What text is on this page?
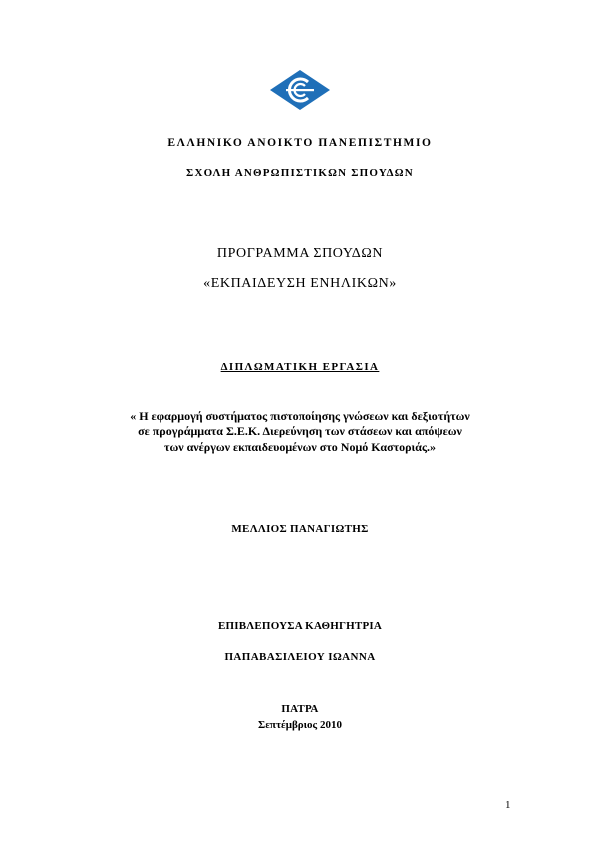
ΕΛΛΗΝΙΚΟ ΑΝΟΙΚΤΟ ΠΑΝΕΠΙΣΤΗΜΙΟ
ΣΧΟΛΗ ΑΝΘΡΩΠΙΣΤΙΚΩΝ ΣΠΟΥΔΩΝ
ΠΡΟΓΡΑΜΜΑ ΣΠΟΥΔΩΝ
«ΕΚΠΑΙΔΕΥΣΗ ΕΝΗΛΙΚΩΝ»
ΔΙΠΛΩΜΑΤΙΚΗ ΕΡΓΑΣΙΑ
« Η εφαρμογή συστήματος πιστοποίησης γνώσεων και δεξιοτήτων
σε προγράμματα Σ.Ε.Κ. Διερεύνηση των στάσεων και απόψεων
των ανέργων εκπαιδευομένων στο Νομό Καστοριάς.»
ΜΕΛΛΙΟΣ ΠΑΝΑΓΙΩΤΗΣ
ΕΠΙΒΛΕΠΟΥΣΑ ΚΑΘΗΓΗΤΡΙΑ
ΠΑΠΑΒΑΣΙΛΕΙΟΥ ΙΩΑΝΝΑ
ΠΑΤΡΑ
Σεπτέμβριος 2010
1
